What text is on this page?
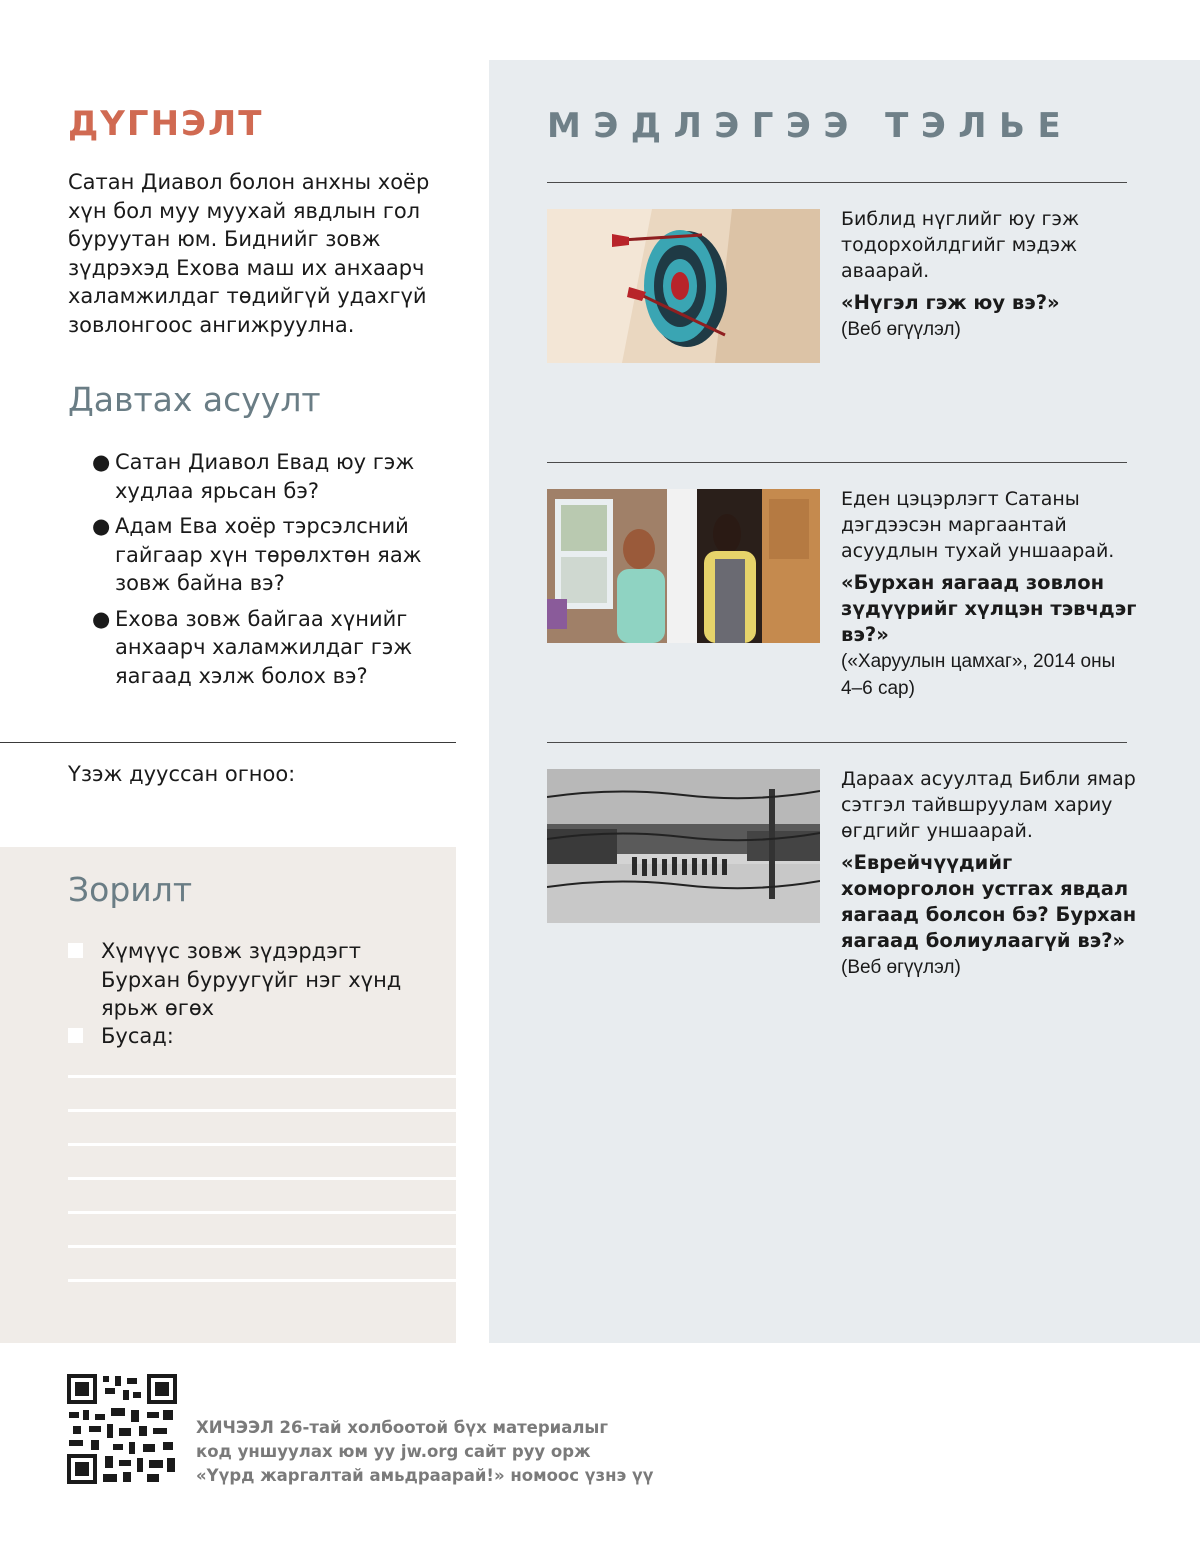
ДҮГНЭЛТ

Сатан Диавол болон анхны хоёр хүн бол муу муухай явдлын гол буруутан юм. Биднийг зовж зүдрэхэд Ехова маш их анхаарч халамжилдаг төдийгүй удахгүй зовлонгоос ангижруулна.

Давтах асуулт
● Сатан Диавол Евад юу гэж худлаа ярьсан бэ?
● Адам Ева хоёр тэрсэлсний гайгаар хүн төрөлхтөн яаж зовж байна вэ?
● Ехова зовж байгаа хүнийг анхаарч халамжилдаг гэж яагаад хэлж болох вэ?
Үзэж дууссан огноо:
Зорилт
Хүмүүс зовж зүдэрдэгт Бурхан буруугүйг нэг хүнд ярьж өгөх
Бусад:
МЭДЛЭГЭЭ ТЭЛЬЕ

Библид нүглийг юу гэж тодорхойлдгийг мэдэж аваарай.

«Нүгэл гэж юу вэ?»
(Веб өгүүлэл)

Еден цэцэрлэгт Сатаны дэгдээсэн маргаантай асуудлын тухай уншаарай.

«Бурхан яагаад зовлон зүдүүрийг хүлцэн тэвчдэг вэ?»
(«Харуулын цамхаг», 2014 оны 4–6 сар)

Дараах асуултад Библи ямар сэтгэл тайвшруулам хариу өгдгийг уншаарай.

«Еврейчүүдийг хоморголон устгах явдал яагаад болсон бэ? Бурхан яагаад болиулаагүй вэ?» (Веб өгүүлэл)
ХИЧЭЭЛ 26-тай холбоотой бүх материалыг
код уншуулах юм уу jw.org сайт руу орж
«Үүрд жаргалтай амьдраарай!» номоос үзнэ үү
